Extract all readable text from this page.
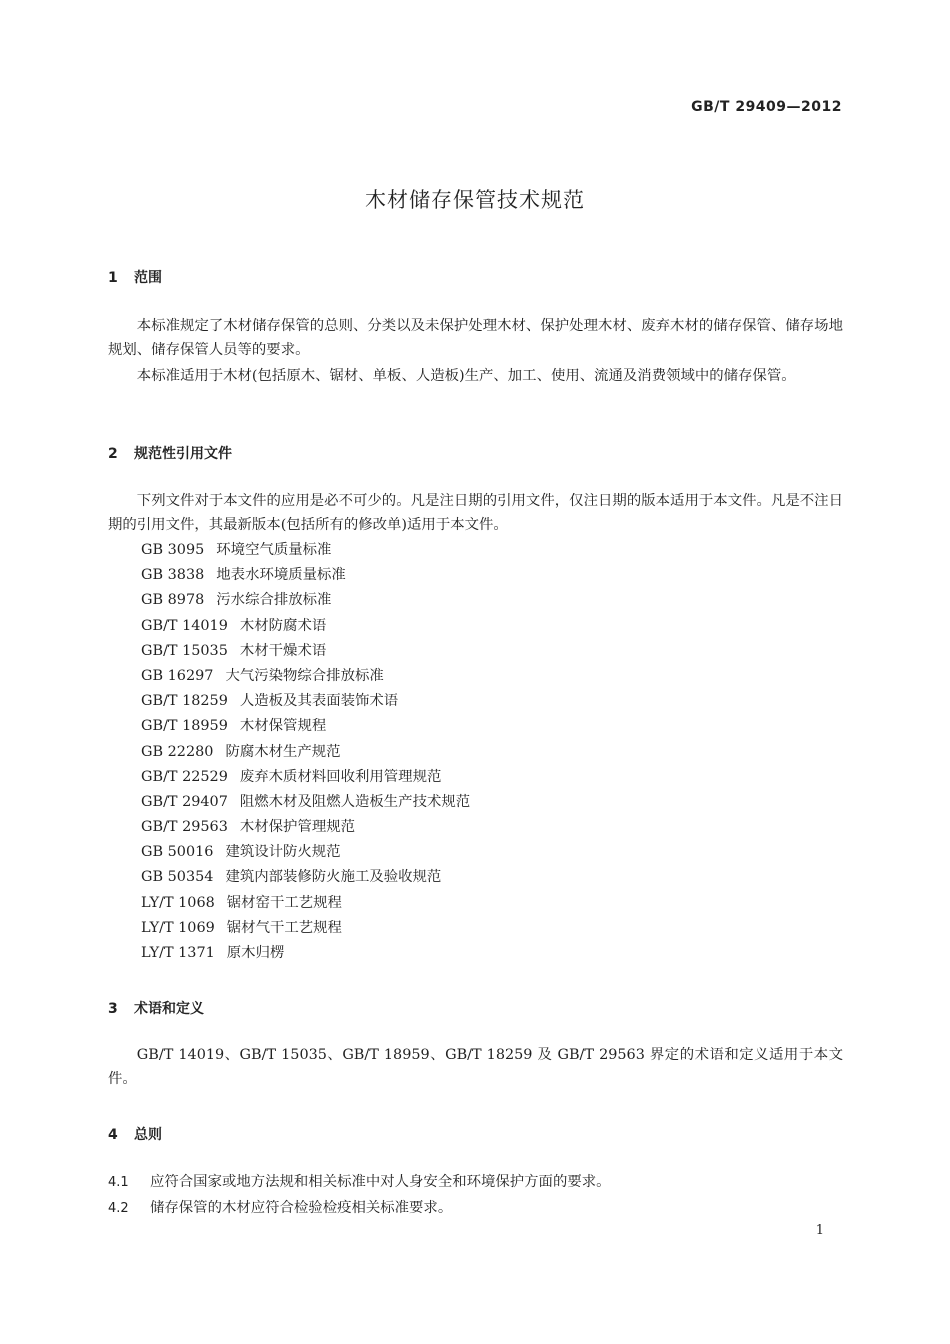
GB/T 29409—2012
木材储存保管技术规范
1 范围
本标准规定了木材储存保管的总则、分类以及未保护处理木材、保护处理木材、废弃木材的储存保管、储存场地规划、储存保管人员等的要求。
本标准适用于木材(包括原木、锯材、单板、人造板)生产、加工、使用、流通及消费领域中的储存保管。
2 规范性引用文件
下列文件对于本文件的应用是必不可少的。凡是注日期的引用文件，仅注日期的版本适用于本文件。凡是不注日期的引用文件，其最新版本(包括所有的修改单)适用于本文件。
GB 3095 环境空气质量标准
GB 3838 地表水环境质量标准
GB 8978 污水综合排放标准
GB/T 14019 木材防腐术语
GB/T 15035 木材干燥术语
GB 16297 大气污染物综合排放标准
GB/T 18259 人造板及其表面装饰术语
GB/T 18959 木材保管规程
GB 22280 防腐木材生产规范
GB/T 22529 废弃木质材料回收利用管理规范
GB/T 29407 阻燃木材及阻燃人造板生产技术规范
GB/T 29563 木材保护管理规范
GB 50016 建筑设计防火规范
GB 50354 建筑内部装修防火施工及验收规范
LY/T 1068 锯材窑干工艺规程
LY/T 1069 锯材气干工艺规程
LY/T 1371 原木归楞
3 术语和定义
GB/T 14019、GB/T 15035、GB/T 18959、GB/T 18259 及 GB/T 29563 界定的术语和定义适用于本文件。
4 总则
4.1 应符合国家或地方法规和相关标准中对人身安全和环境保护方面的要求。
4.2 储存保管的木材应符合检验检疫相关标准要求。
1
